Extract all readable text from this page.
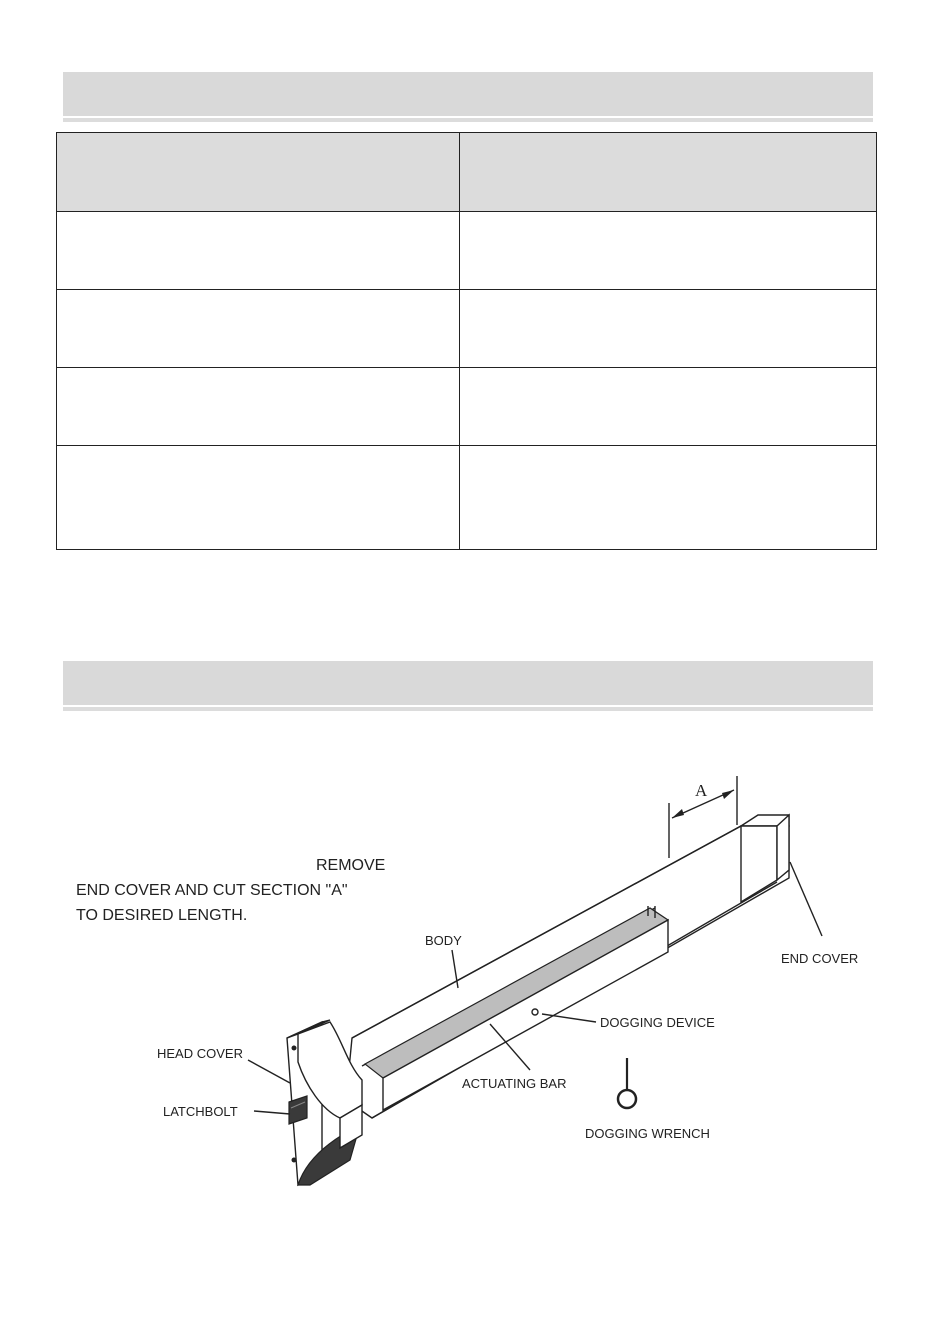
REMOVE
END COVER AND CUT SECTION "A"
TO DESIRED LENGTH.
A
BODY
END COVER
DOGGING DEVICE
HEAD COVER
ACTUATING BAR
LATCHBOLT
DOGGING WRENCH
